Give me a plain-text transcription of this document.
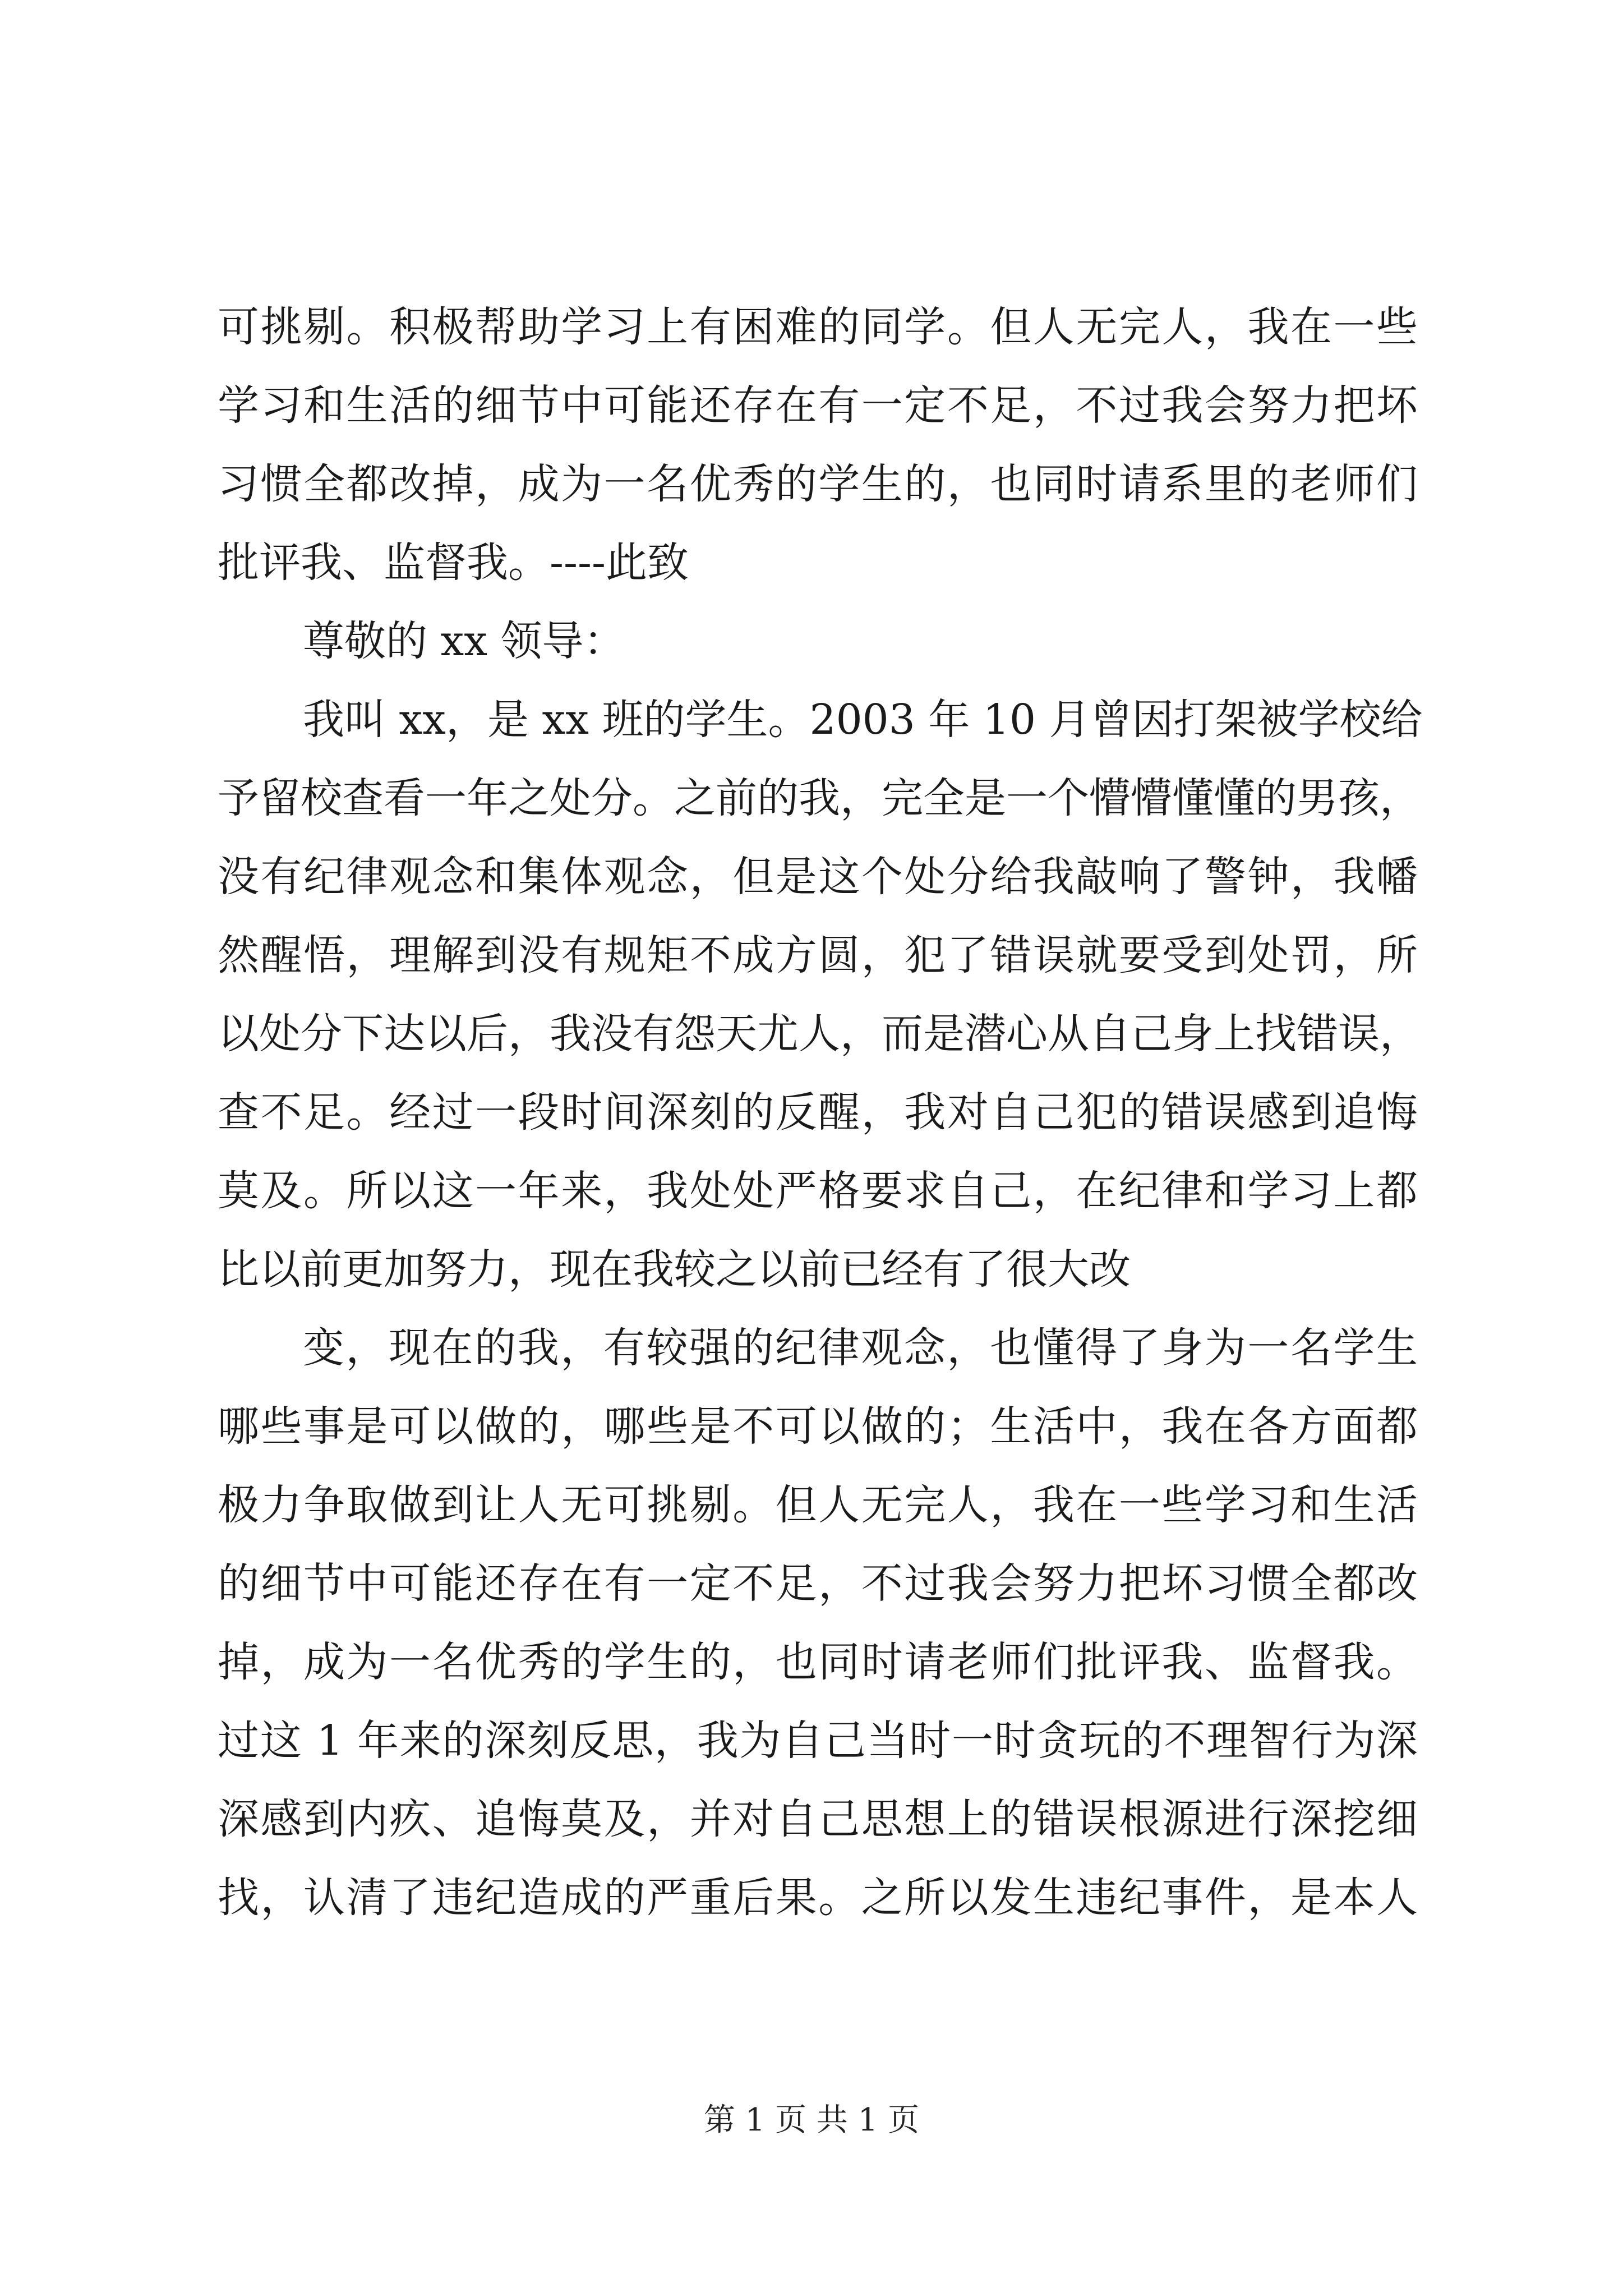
可挑剔。积极帮助学习上有困难的同学。但人无完人，我在一些
学习和生活的细节中可能还存在有一定不足，不过我会努力把坏
习惯全都改掉，成为一名优秀的学生的，也同时请系里的老师们
批评我、监督我。----此致
尊敬的 xx 领导：
我叫 xx，是 xx 班的学生。2003 年 10 月曾因打架被学校给
予留校查看一年之处分。之前的我，完全是一个懵懵懂懂的男孩，
没有纪律观念和集体观念，但是这个处分给我敲响了警钟，我幡
然醒悟，理解到没有规矩不成方圆，犯了错误就要受到处罚，所
以处分下达以后，我没有怨天尤人，而是潜心从自己身上找错误，
查不足。经过一段时间深刻的反醒，我对自己犯的错误感到追悔
莫及。所以这一年来，我处处严格要求自己，在纪律和学习上都
比以前更加努力，现在我较之以前已经有了很大改
变，现在的我，有较强的纪律观念，也懂得了身为一名学生
哪些事是可以做的，哪些是不可以做的；生活中，我在各方面都
极力争取做到让人无可挑剔。但人无完人，我在一些学习和生活
的细节中可能还存在有一定不足，不过我会努力把坏习惯全都改
掉，成为一名优秀的学生的，也同时请老师们批评我、监督我。
过这 1 年来的深刻反思，我为自己当时一时贪玩的不理智行为深
深感到内疚、追悔莫及，并对自己思想上的错误根源进行深挖细
找，认清了违纪造成的严重后果。之所以发生违纪事件，是本人
第 1 页 共 1 页
